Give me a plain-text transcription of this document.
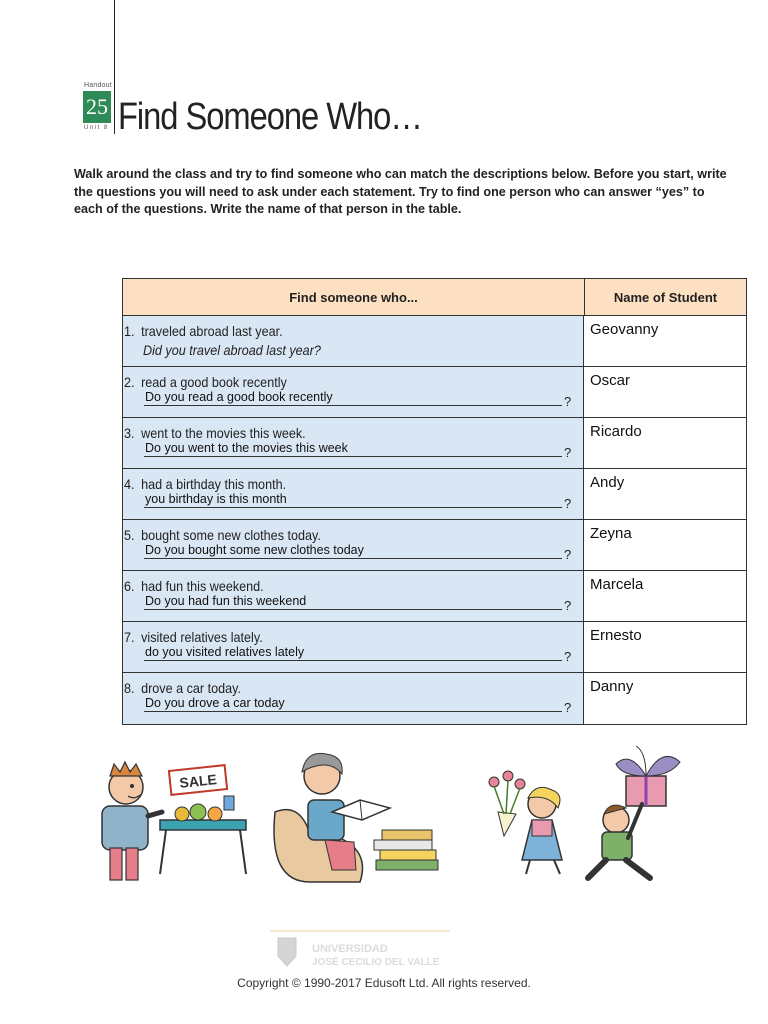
Handout
25
Unit 8 Find Someone Who…
Walk around the class and try to find someone who can match the descriptions below. Before you start, write the questions you will need to ask under each statement. Try to find one person who can answer “yes” to each of the questions. Write the name of that person in the table.
Find someone who...	Name of Student
1. traveled abroad last year.
Did you travel abroad last year?
Geovanny
2. read a good book recently
Do you read a good book recently	?
Oscar
3. went to the movies this week.
Do you went to the movies this week	?
Ricardo
4. had a birthday this month.
you birthday is this month	?
Andy
5. bought some new clothes today.
Do you bought some new clothes today	?
Zeyna
6. had fun this weekend.
Do you had fun this weekend	?
Marcela
7. visited relatives lately.
do you visited relatives lately	?
Ernesto
8. drove a car today.
Do you drove a car today	?
Danny
SALE
UNIVERSIDAD
JOSÉ CECILIO DEL VALLE
Copyright © 1990-2017 Edusoft Ltd. All rights reserved.
